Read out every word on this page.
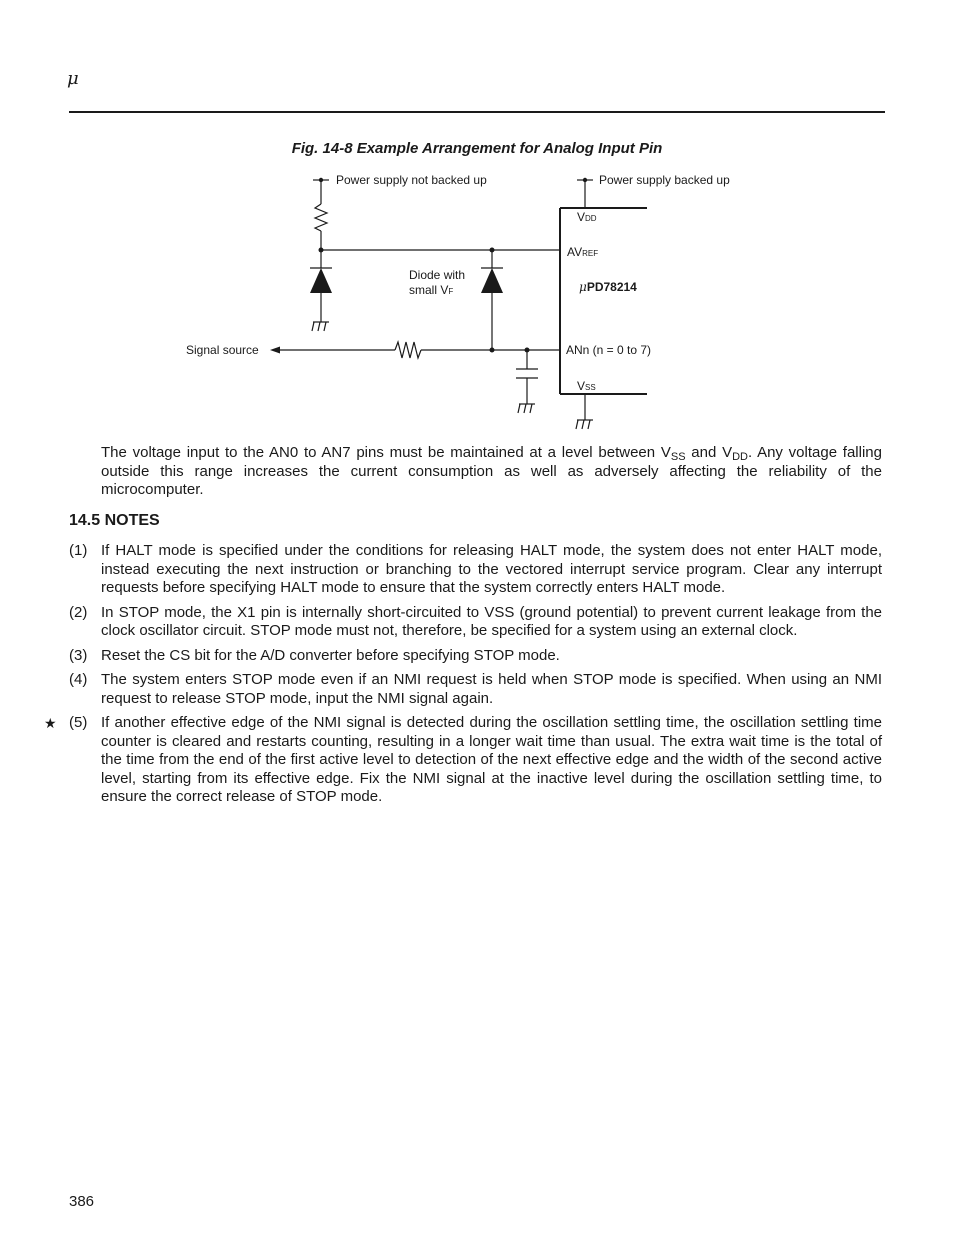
μ
Fig. 14-8 Example Arrangement for Analog Input Pin
Power supply not backed up	Power supply backed up
VDD
AVREF
Diode with
small VF	μPD78214
Signal source	ANn (n = 0 to 7)
VSS
The voltage input to the AN0 to AN7 pins must be maintained at a level between $V_{SS}$ and $V_{DD}$. Any voltage falling outside this range increases the current consumption as well as adversely affecting the reliability of the microcomputer.
14.5 NOTES
(1) If HALT mode is specified under the conditions for releasing HALT mode, the system does not enter HALT mode, instead executing the next instruction or branching to the vectored interrupt service program. Clear any interrupt requests before specifying HALT mode to ensure that the system correctly enters HALT mode.
(2) In STOP mode, the X1 pin is internally short-circuited to VSS (ground potential) to prevent current leakage from the clock oscillator circuit. STOP mode must not, therefore, be specified for a system using an external clock.
(3) Reset the CS bit for the A/D converter before specifying STOP mode.
(4) The system enters STOP mode even if an NMI request is held when STOP mode is specified. When using an NMI request to release STOP mode, input the NMI signal again.
★ (5) If another effective edge of the NMI signal is detected during the oscillation settling time, the oscillation settling time counter is cleared and restarts counting, resulting in a longer wait time than usual. The extra wait time is the total of the time from the end of the first active level to detection of the next effective edge and the width of the second active level, starting from its effective edge. Fix the NMI signal at the inactive level during the oscillation settling time, to ensure the correct release of STOP mode.
386
